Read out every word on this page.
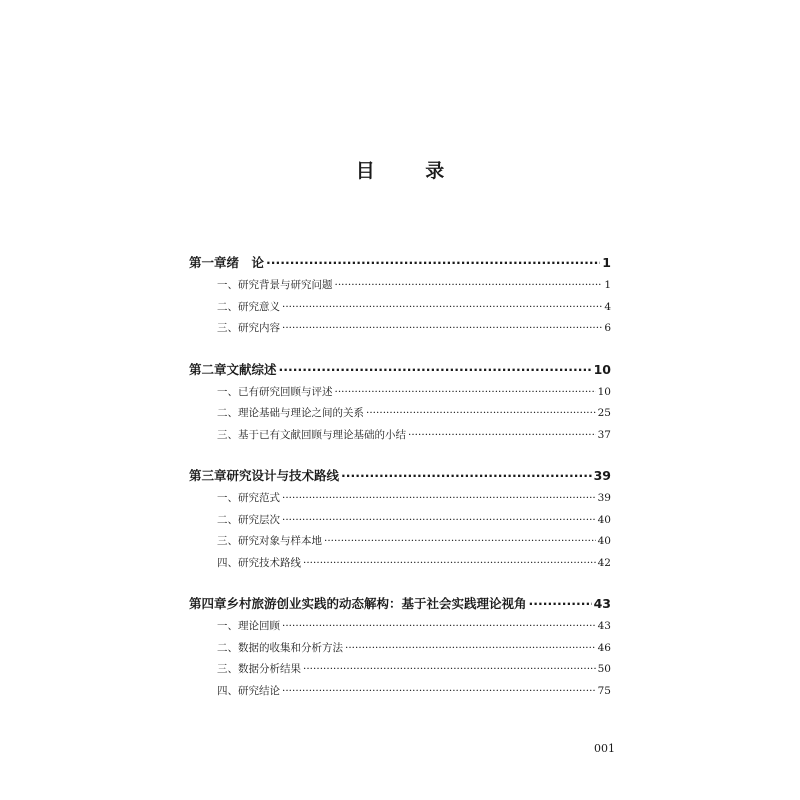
目 录
第一章 绪　论 ·····	1
一、研究背景与研究问题 ·····	1
二、研究意义 ·····	4
三、研究内容 ·····	6
第二章 文献综述 ·····	10
一、已有研究回顾与评述 ·····	10
二、理论基础与理论之间的关系 ·····	25
三、基于已有文献回顾与理论基础的小结 ·····	37
第三章 研究设计与技术路线 ·····	39
一、研究范式 ·····	39
二、研究层次 ·····	40
三、研究对象与样本地 ·····	40
四、研究技术路线 ·····	42
第四章 乡村旅游创业实践的动态解构：基于社会实践理论视角 ·····	43
一、理论回顾 ·····	43
二、数据的收集和分析方法 ·····	46
三、数据分析结果 ·····	50
四、研究结论 ·····	75
001
